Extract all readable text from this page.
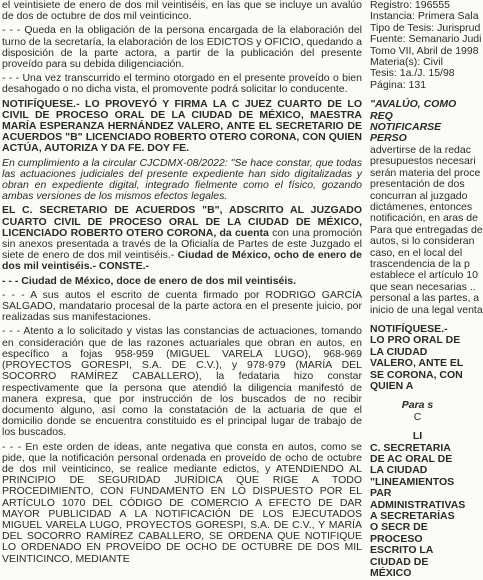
el veintisiete de enero de dos mil veintiséis, en las que se incluye un avalúo de dos de octubre de dos mil veinticinco.

- - - Queda en la obligación de la persona encargada de la elaboración del turno de la secretaría, la elaboración de los EDICTOS y OFICIO, quedando a disposición de la parte actora, a partir de la publicación del presente proveído para su debida diligenciación.

- - - Una vez transcurrido el termino otorgado en el presente proveído o bien desahogado o no dicha vista, el promovente podrá solicitar lo conducente.

NOTIFÍQUESE.- LO PROVEYÓ Y FIRMA LA C JUEZ CUARTO DE LO CIVIL DE PROCESO ORAL DE LA CIUDAD DE MÉXICO, MAESTRA MARÍA ESPERANZA HERNÁNDEZ VALERO, ANTE EL SECRETARIO DE ACUERDOS "B" LICENCIADO ROBERTO OTERO CORONA, CON QUIEN ACTÚA, AUTORIZA Y DA FE. DOY FE.

En cumplimiento a la circular CJCDMX-08/2022: "Se hace constar, que todas las actuaciones judiciales del presente expediente han sido digitalizadas y obran en expediente digital, integrado fielmente como el físico, gozando ambas versiones de los mismos efectos legales.

EL C. SECRETARIO DE ACUERDOS "B", ADSCRITO AL JUZGADO CUARTO CIVIL DE PROCESO ORAL DE LA CIUDAD DE MÉXICO, LICENCIADO ROBERTO OTERO CORONA, da cuenta con una promoción sin anexos presentada a través de la Oficialía de Partes de este Juzgado el siete de enero de dos mil veintiséis.- Ciudad de México, ocho de enero de dos mil veintiséis.- CONSTE.-

- - - Ciudad de México, doce de enero de dos mil veintiséis.

- - - A sus autos el escrito de cuenta firmado por RODRIGO GARCÍA SALGADO, mandatario procesal de la parte actora en el presente juicio, por realizadas sus manifestaciones.

- - - Atento a lo solicitado y vistas las constancias de actuaciones, tomando en consideración que de las razones actuariales que obran en autos, en específico a fojas 958-959 (MIGUEL VARELA LUGO), 968-969 (PROYECTOS GORESPI, S.A. DE C.V.), y 978-979 (MARÍA DEL SOCORRO RAMÍREZ CABALLERO), la fedataria hizo constar respectivamente que la persona que atendió la diligencia manifestó de manera expresa, que por instrucción de los buscados de no recibir documento alguno, así como la constatación de la actuaria de que el domicilio donde se encuentra constituido es el principal lugar de trabajo de los buscados.

- - - En este orden de ideas, ante negativa que consta en autos, como se pide, que la notificación personal ordenada en proveído de ocho de octubre de dos mil veinticinco, se realice mediante edictos, y ATENDIENDO AL PRINCIPIO DE SEGURIDAD JURÍDICA QUE RIGE A TODO PROCEDIMIENTO, CON FUNDAMENTO EN LO DISPUESTO POR EL ARTÍCULO 1070 DEL CÓDIGO DE COMERCIO A EFECTO DE DAR MAYOR PUBLICIDAD A LA NOTIFICACIÓN DE LOS EJECUTADOS MIGUEL VARELA LUGO, PROYECTOS GORESPI, S.A. DE C.V., Y MARÍA DEL SOCORRO RAMÍREZ CABALLERO, SE ORDENA QUE NOTIFIQUE LO ORDENADO EN PROVEÍDO DE OCHO DE OCTUBRE DE DOS MIL VEINTICINCO, MEDIANTE

Registro: 196555
Instancia: Primera Sala
Tipo de Tesis: Jurisprud
Fuente: Semanario Judi
Tomo VII, Abril de 1998
Materia(s): Civil
Tesis: 1a./J. 15/98
Página: 131
"AVALÚO, COMO REQ NOTIFICARSE PERSO
advertirse de la redac
presupuestos necesari
serán materia del proce
presentación de dos
concurran al juzgado
dictámenes, entonces
notificación, en aras de
Para que entregadas de
autos, si lo consideran
caso, en el local del
trascendencia de la p
establece el artículo 10
que sean necesarias ..
personal a las partes, a
inicio de una legal venta
NOTIFÍQUESE.- LO PRO ORAL DE LA CIUDAD VALERO, ANTE EL SE CORONA, CON QUIEN A
Para s
C
LI
C. SECRETARIA DE AC ORAL DE LA CIUDAD "LINEAMIENTOS PAR ADMINISTRATIVAS A SECRETARÍAS O SECR DE PROCESO ESCRITO LA CIUDAD DE MÉXICO
